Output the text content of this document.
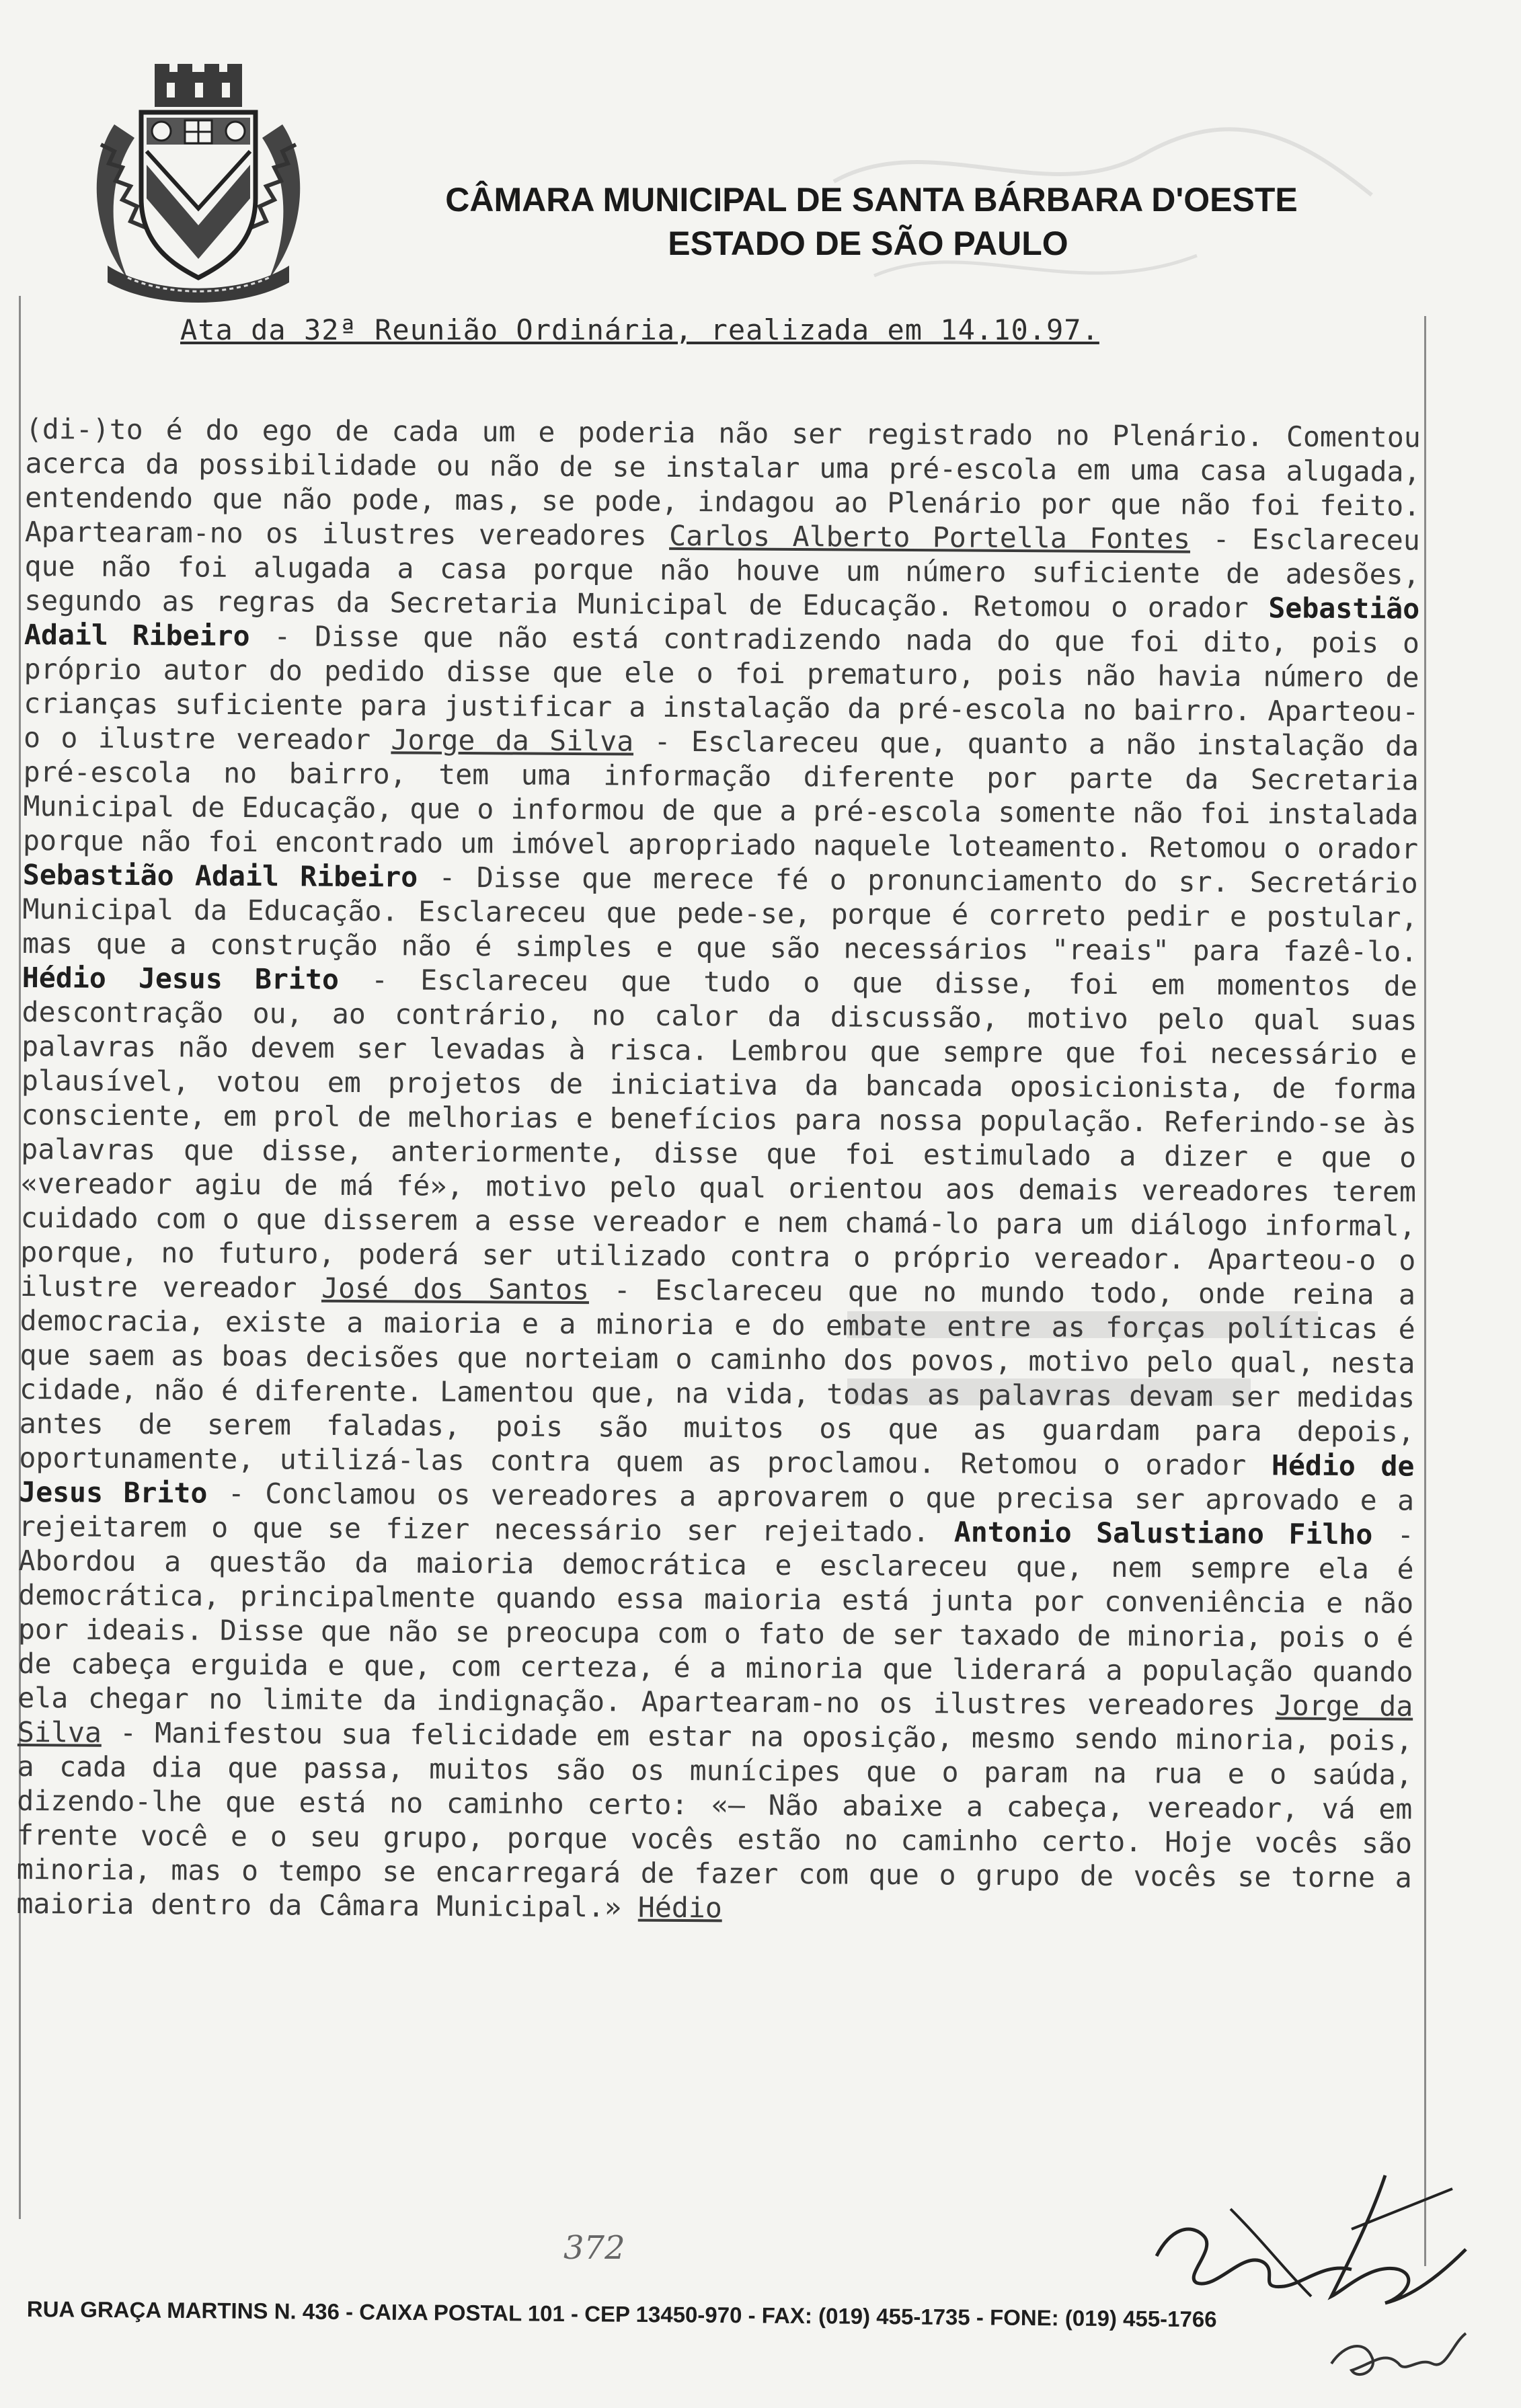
CÂMARA MUNICIPAL DE SANTA BÁRBARA D'OESTE
ESTADO DE SÃO PAULO
Ata da 32ª Reunião Ordinária, realizada em 14.10.97.

(di-)to é do ego de cada um e poderia não ser registrado no Plenário. Comentou acerca da possibilidade ou não de se instalar uma pré-escola em uma casa alugada, entendendo que não pode, mas, se pode, indagou ao Plenário por que não foi feito. Apartearam-no os ilustres vereadores Carlos Alberto Portella Fontes - Esclareceu que não foi alugada a casa porque não houve um número suficiente de adesões, segundo as regras da Secretaria Municipal de Educação. Retomou o orador Sebastião Adail Ribeiro - Disse que não está contradizendo nada do que foi dito, pois o próprio autor do pedido disse que ele o foi prematuro, pois não havia número de crianças suficiente para justificar a instalação da pré-escola no bairro. Aparteou-o o ilustre vereador Jorge da Silva - Esclareceu que, quanto a não instalação da pré-escola no bairro, tem uma informação diferente por parte da Secretaria Municipal de Educação, que o informou de que a pré-escola somente não foi instalada porque não foi encontrado um imóvel apropriado naquele loteamento. Retomou o orador Sebastião Adail Ribeiro - Disse que merece fé o pronunciamento do sr. Secretário Municipal da Educação. Esclareceu que pede-se, porque é correto pedir e postular, mas que a construção não é simples e que são necessários "reais" para fazê-lo. Hédio Jesus Brito - Esclareceu que tudo o que disse, foi em momentos de descontração ou, ao contrário, no calor da discussão, motivo pelo qual suas palavras não devem ser levadas à risca. Lembrou que sempre que foi necessário e plausível, votou em projetos de iniciativa da bancada oposicionista, de forma consciente, em prol de melhorias e benefícios para nossa população. Referindo-se às palavras que disse, anteriormente, disse que foi estimulado a dizer e que o «vereador agiu de má fé», motivo pelo qual orientou aos demais vereadores terem cuidado com o que disserem a esse vereador e nem chamá-lo para um diálogo informal, porque, no futuro, poderá ser utilizado contra o próprio vereador. Aparteou-o o ilustre vereador José dos Santos - Esclareceu que no mundo todo, onde reina a democracia, existe a maioria e a minoria e do embate entre as forças políticas é que saem as boas decisões que norteiam o caminho dos povos, motivo pelo qual, nesta cidade, não é diferente. Lamentou que, na vida, todas as palavras devam ser medidas antes de serem faladas, pois são muitos os que as guardam para depois, oportunamente, utilizá-las contra quem as proclamou. Retomou o orador Hédio de Jesus Brito - Conclamou os vereadores a aprovarem o que precisa ser aprovado e a rejeitarem o que se fizer necessário ser rejeitado. Antonio Salustiano Filho - Abordou a questão da maioria democrática e esclareceu que, nem sempre ela é democrática, principalmente quando essa maioria está junta por conveniência e não por ideais. Disse que não se preocupa com o fato de ser taxado de minoria, pois o é de cabeça erguida e que, com certeza, é a minoria que liderará a população quando ela chegar no limite da indignação. Apartearam-no os ilustres vereadores Jorge da Silva - Manifestou sua felicidade em estar na oposição, mesmo sendo minoria, pois, a cada dia que passa, muitos são os munícipes que o param na rua e o saúda, dizendo-lhe que está no caminho certo: «— Não abaixe a cabeça, vereador, vá em frente você e o seu grupo, porque vocês estão no caminho certo. Hoje vocês são minoria, mas o tempo se encarregará de fazer com que o grupo de vocês se torne a maioria dentro da Câmara Municipal.» Hédio

372
RUA GRAÇA MARTINS N. 436 - CAIXA POSTAL 101 - CEP 13450-970 - FAX: (019) 455-1735 - FONE: (019) 455-1766
